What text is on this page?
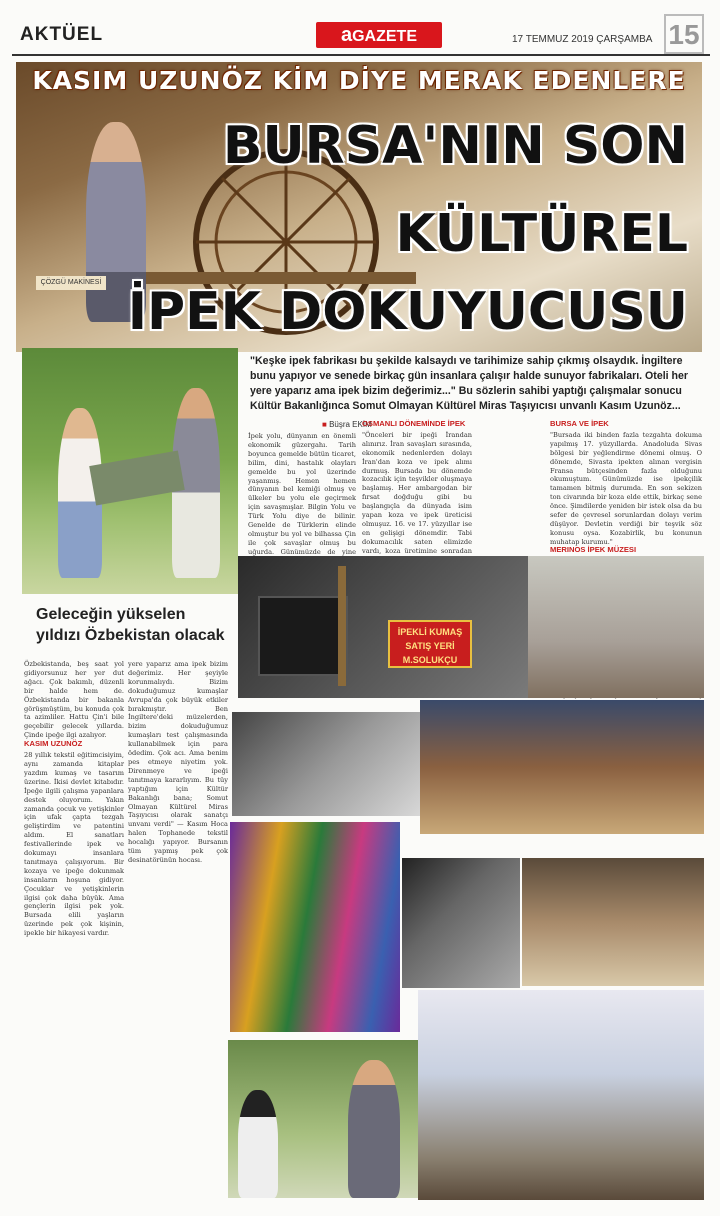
AKTÜEL	aGAZETE	17 TEMMUZ 2019 ÇARŞAMBA 15
KASIM UZUNÖZ KİM DİYE MERAK EDENLERE
BURSA'NIN SON
KÜLTÜREL
İPEK DOKUYUCUSU
ÇÖZGÜ MAKİNESİ
"Keşke ipek fabrikası bu şekilde kalsaydı ve tarihimize sahip çıkmış olsaydık. İngiltere bunu yapıyor ve senede birkaç gün insanlara çalışır halde sunuyor fabrikaları. Oteli her yere yaparız ama ipek bizim değerimiz..." Bu sözlerin sahibi yaptığı çalışmalar sonucu Kültür Bakanlığınca Somut Olmayan Kültürel Miras Taşıyıcısı unvanlı Kasım Uzunöz...
■ Büşra EKİM
İpek yolu, dünyanın en önemli ekonomik güzergahı. Tarih boyunca gemelde bütün ticaret, bilim, dini, hastalık olayları gemelde bu yol üzerinde yaşanmış. Hemen hemen dünyanın bel kemiği olmuş ve ülkeler bu yolu ele geçirmek için savaşmışlar. Bilgin Yolu ve Türk Yolu diye de bilinir. Genelde de Türklerin elinde olmuştur bu yol ve bilhassa Çin ile çok savaşlar olmuş bu uğurda. Günümüzde de yine
OSMANLI DÖNEMİNDE İPEK
"Önceleri bir ipeği İrandan alınırız. İran savaşları sırasında, ekonomik nedenlerden dolayı İran'dan koza ve ipek alımı durmuş. Bursada bu dönemde kozacılık için teşvikler oluşmaya başlamış. Her ambargodan bir fırsat doğduğu gibi bu başlangıçla da dünyada isim yapan koza ve ipek üreticisi olmuşuz. 16. ve 17. yüzyıllar ise en gelişigi dönemdir. Tabi dokumacılık saten elimizde vardı, koza üretimine sonradan
BURSA VE İPEK
"Bursada iki binden fazla tezgahta dokuma yapılmış 17. yüzyıllarda. Anadoluda Sivas bölgesi bir yeğlendirme dönemi olmuş. O dönemde, Sivasta ipekten alınan vergisin Fransa bütçesinden fazla olduğunu okumuştum. Günümüzde ise ipekçilik tamamen bitmiş durumda. En son sekizen ton civarında bir koza elde ettik, birkaç sene önce. Şimdilerde yeniden bir istek olsa da bu sefer de çevresel sorunlardan dolayı verim düşüyor. Devletin verdiği bir teşvik söz konusu oysa. Kozabirlik, bu konunun muhatap kurumu."
MERINOS İPEK MÜZESI
İPEKLİ KUMAŞ
SATIŞ YERİ
M.SOLUKÇU
Geleceğin yükselen yıldızı Özbekistan olacak
Özbekistanda, beş saat yol gidiyorsunuz her yer dut ağacı. Çok bakımlı, düzenli bir halde hem de. Özbekistanda bir bakanla görüşmüştüm, bu konuda çok ta azimliler. Hattu Çin'i bile geçebilir gelecek yıllarda. Çinde ipeğe ilgi azalıyor.
KASIM UZUNÖZ
28 yıllık tekstil eğitimcisiyim, aynı zamanda kitaplar yazdım kumaş ve tasarım üzerine. İkisi devlet kitabıdır. İpeğe ilgili çalışma yapanlara destek oluyorum. Yakın zamanda çocuk ve yetişkinler için ufak çapta tezgah geliştirdim ve patentini aldım. El sanatları festivallerinde ipek ve dokumayı insanlara tanıtmaya çalışıyorum. Bir kozaya ve ipeğe dokunmak insanların hoşuna gidiyor. Çocuklar ve yetişkinlerin ilgisi çok daha büyük. Ama gençlerin ilgisi pek yok. Bursada elili yaşların üzerinde pek çok kişinin, ipekle bir hikayesi vardır.
yere yaparız ama ipek bizim değerimiz. Her şeyiyle korunmalıydı. Bizim dokuduğumuz kumaşlar Avrupa'da çok büyük etkiler bırakmıştır. Ben İngiltere'deki müzelerden, bizim dokuduğumuz kumaşları test çalışmasında kullanabilmek için para ödedim. Çok acı. Ama benim pes etmeye niyetim yok. Direnmeye ve ipeği tanıtmaya kararlıyım. Bu tüy yaptığım için Kültür Bakanlığı bana; Somut Olmayan Kültürel Miras Taşıyıcısı olarak sanatçı unvanı verdi" — Kasım Hoca halen Tophanede tekstil hocalığı yapıyor. Bursanın tüm yapmış pek çok desinatörünün hocası.
